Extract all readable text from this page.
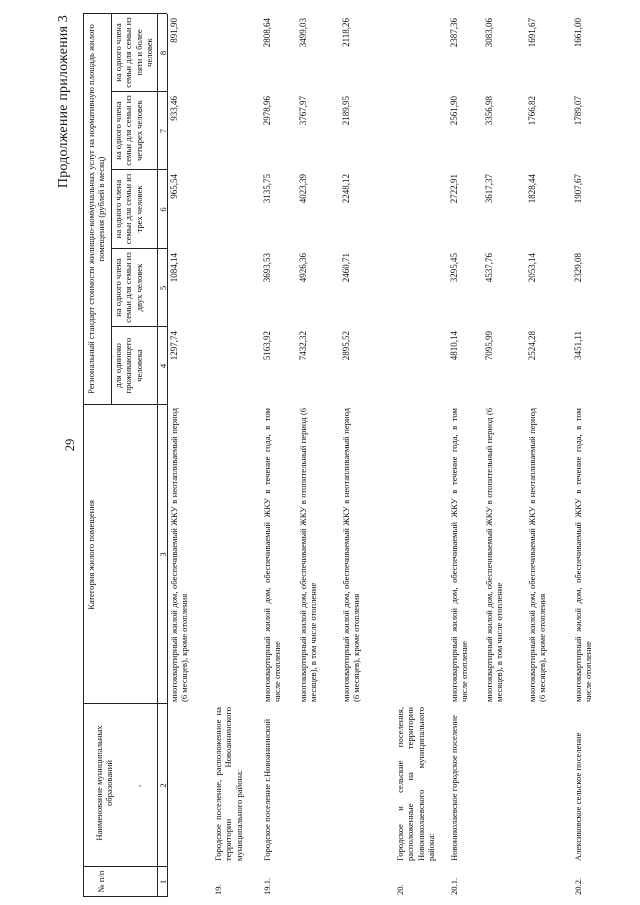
29
Продолжение приложения 3
№ п/п
Наименование муниципальных образований
Категория жилого помещения
Региональный стандарт стоимости жилищно-коммунальных услуг на нормативную площадь жилого помещения (рублей в месяц)
для одиноко проживающего человека
на одного члена семьи для семьи из двух человек
на одного члена семьи для семьи из трех человек
на одного члена семьи для семьи из четырех человек
на одного члена семьи для семьи из пяти и более человек
1
2
3
4
5
6
7
8
,
многоквартирный жилой дом, обеспечиваемый ЖКУ в неотапливаемый период (6 месяцев), кроме отопления
1297,74
1084,14
965,54
933,46
891,90
19.
Городское поселение, расположенное на территории Новоаннинского муниципального района:
19.1.
Городское поселение г.Новоаннинский
многоквартирный жилой дом, обеспечиваемый ЖКУ в течение года, в том числе отопление
5163,92
3693,53
3135,75
2978,96
2808,64
многоквартирный жилой дом, обеспечиваемый ЖКУ в отопительный период (6 месяцев), в том числе отопление
7432,32
4926,36
4023,39
3767,97
3499,03
многоквартирный жилой дом, обеспечиваемый ЖКУ в неотапливаемый период (6 месяцев), кроме отопления
2895,52
2460,71
2248,12
2189,95
2118,26
20.
Городское и сельские поселения, расположенные на территории Новониколаевского муниципального района:
20.1.
Новониколаевское городское поселение
многоквартирный жилой дом, обеспечиваемый ЖКУ в течение года, в том числе отопление
4810,14
3295,45
2722,91
2561,90
2387,36
многоквартирный жилой дом, обеспечиваемый ЖКУ в отопительный период (6 месяцев), в том числе отопление
7095,99
4537,76
3617,37
3356,98
3083,06
многоквартирный жилой дом, обеспечиваемый ЖКУ в неотапливаемый период (6 месяцев), кроме отопления
2524,28
2053,14
1828,44
1766,82
1691,67
20.2.
Алексиковское сельское поселение
многоквартирный жилой дом, обеспечиваемый ЖКУ в течение года, в том числе отопление
3451,11
2329,08
1907,67
1789,07
1661,00
